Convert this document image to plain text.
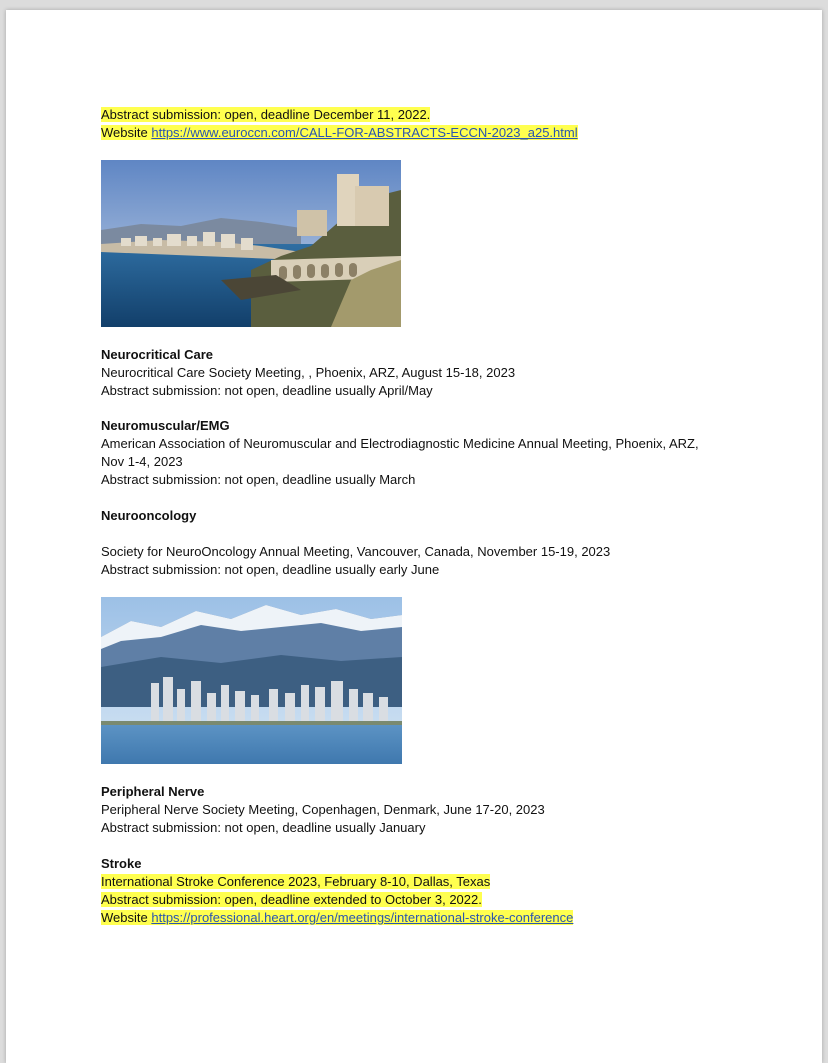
Abstract submission: open, deadline December 11, 2022.
Website https://www.euroccn.com/CALL-FOR-ABSTRACTS-ECCN-2023_a25.html
Neurocritical Care
Neurocritical Care Society Meeting, , Phoenix, ARZ, August 15-18, 2023
Abstract submission: not open, deadline usually April/May
Neuromuscular/EMG
American Association of Neuromuscular and Electrodiagnostic Medicine Annual Meeting, Phoenix, ARZ,
Nov 1-4, 2023
Abstract submission: not open, deadline usually March
Neurooncology
Society for NeuroOncology Annual Meeting, Vancouver, Canada, November 15-19, 2023
Abstract submission: not open, deadline usually early June
Peripheral Nerve
Peripheral Nerve Society Meeting, Copenhagen, Denmark, June 17-20, 2023
Abstract submission: not open, deadline usually January
Stroke
International Stroke Conference 2023, February 8-10, Dallas, Texas
Abstract submission: open, deadline extended to October 3, 2022.
Website https://professional.heart.org/en/meetings/international-stroke-conference
